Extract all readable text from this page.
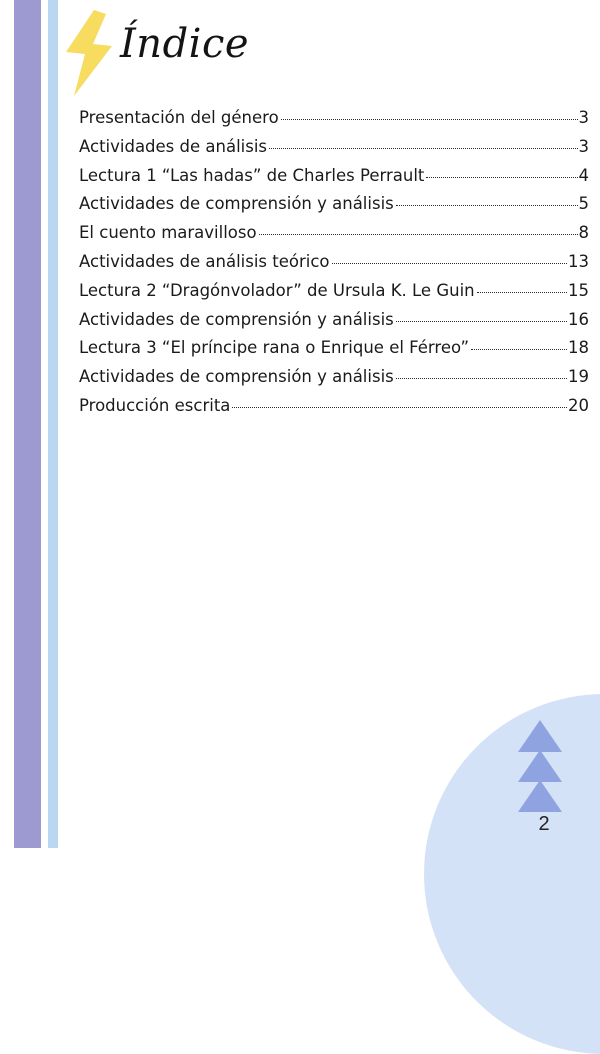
Índice
Presentación del género	3
Actividades de análisis	3
Lectura 1 “Las hadas” de Charles Perrault	4
Actividades de comprensión y análisis	5
El cuento maravilloso	8
Actividades de análisis teórico	13
Lectura 2 “Dragónvolador” de Ursula K. Le Guin	15
Actividades de comprensión y análisis	16
Lectura 3 “El príncipe rana o Enrique el Férreo”	18
Actividades de comprensión y análisis	19
Producción escrita	20

2
